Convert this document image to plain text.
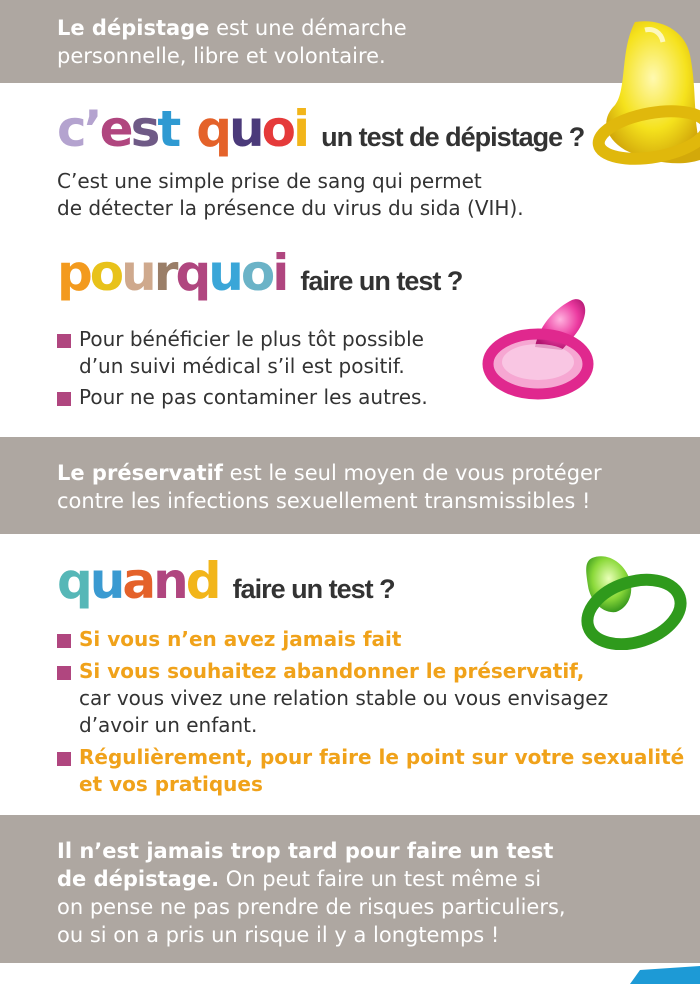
Le dépistage est une démarche

personnelle, libre et volontaire.

c’est quoi un test de dépistage ?

C’est une simple prise de sang qui permet

de détecter la présence du virus du sida (VIH).

pourquoi faire un test ?
Pour bénéficier le plus tôt possible
d’un suivi médical s’il est positif.
Pour ne pas contaminer les autres.

Le préservatif est le seul moyen de vous protéger

contre les infections sexuellement transmissibles !

quand faire un test ?
Si vous n’en avez jamais fait
Si vous souhaitez abandonner le préservatif,
car vous vivez une relation stable ou vous envisagez
d’avoir un enfant.
Régulièrement, pour faire le point sur votre sexualité
et vos pratiques

Il n’est jamais trop tard pour faire un test

de dépistage. On peut faire un test même si

on pense ne pas prendre de risques particuliers,

ou si on a pris un risque il y a longtemps !
